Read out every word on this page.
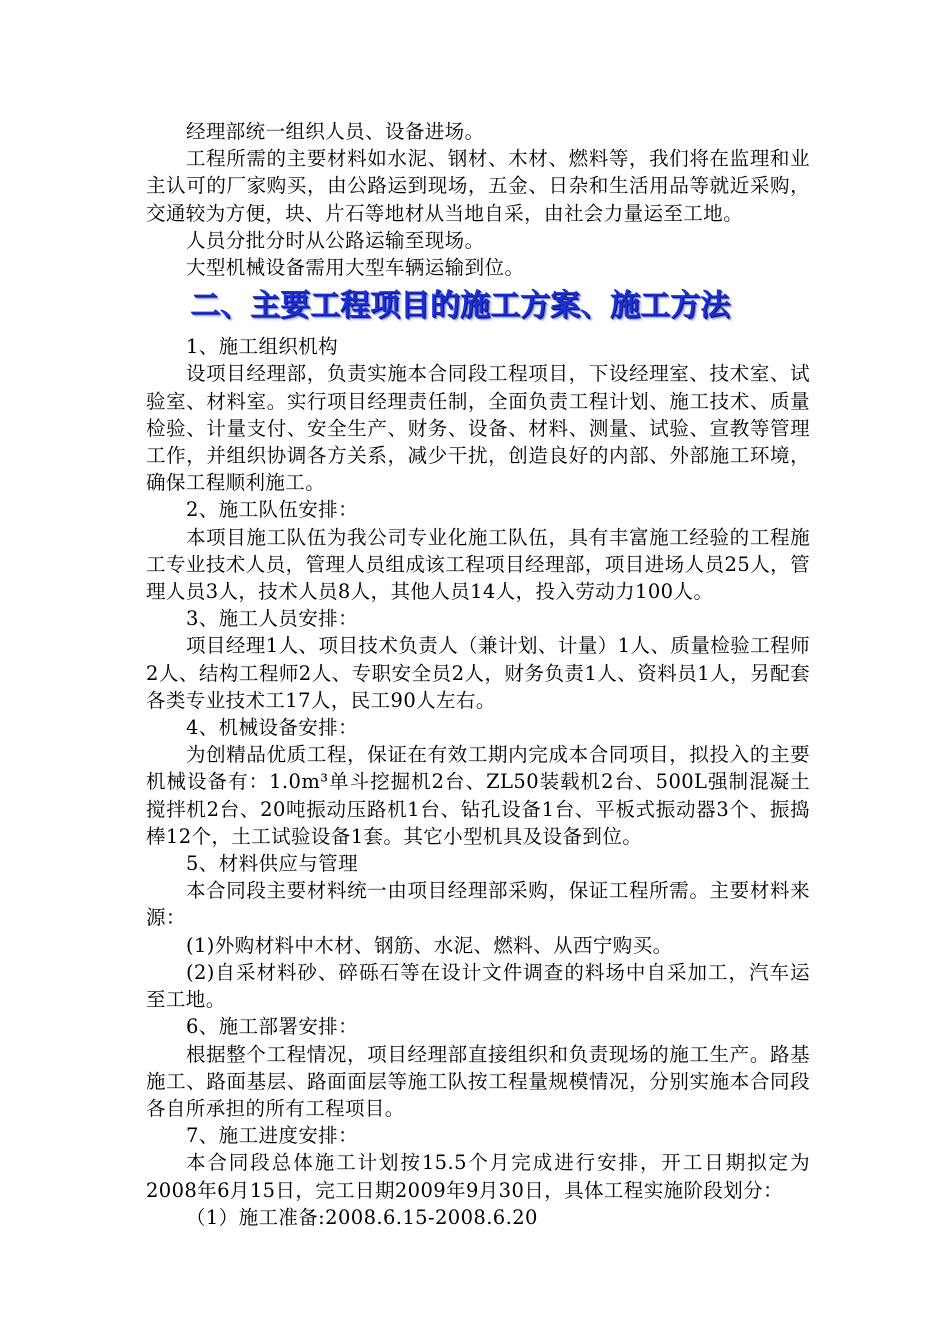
经理部统一组织人员、设备进场。

工程所需的主要材料如水泥、钢材、木材、燃料等，我们将在监理和业主认可的厂家购买，由公路运到现场，五金、日杂和生活用品等就近采购，交通较为方便，块、片石等地材从当地自采，由社会力量运至工地。

人员分批分时从公路运输至现场。

大型机械设备需用大型车辆运输到位。

二、主要工程项目的施工方案、施工方法

1、施工组织机构

设项目经理部，负责实施本合同段工程项目，下设经理室、技术室、试验室、材料室。实行项目经理责任制，全面负责工程计划、施工技术、质量检验、计量支付、安全生产、财务、设备、材料、测量、试验、宣教等管理工作，并组织协调各方关系，减少干扰，创造良好的内部、外部施工环境，确保工程顺利施工。

2、施工队伍安排：

本项目施工队伍为我公司专业化施工队伍，具有丰富施工经验的工程施工专业技术人员，管理人员组成该工程项目经理部，项目进场人员25人，管理人员3人，技术人员8人，其他人员14人，投入劳动力100人。

3、施工人员安排：

项目经理1人、项目技术负责人（兼计划、计量）1人、质量检验工程师2人、结构工程师2人、专职安全员2人，财务负责1人、资料员1人，另配套各类专业技术工17人，民工90人左右。

4、机械设备安排：

为创精品优质工程，保证在有效工期内完成本合同项目，拟投入的主要机械设备有：1.0m³单斗挖掘机2台、ZL50装载机2台、500L强制混凝土搅拌机2台、20吨振动压路机1台、钻孔设备1台、平板式振动器3个、振捣棒12个，土工试验设备1套。其它小型机具及设备到位。

5、材料供应与管理

本合同段主要材料统一由项目经理部采购，保证工程所需。主要材料来源：

(1)外购材料中木材、钢筋、水泥、燃料、从西宁购买。

(2)自采材料砂、碎砾石等在设计文件调查的料场中自采加工，汽车运至工地。

6、施工部署安排：

根据整个工程情况，项目经理部直接组织和负责现场的施工生产。路基施工、路面基层、路面面层等施工队按工程量规模情况，分别实施本合同段各自所承担的所有工程项目。

7、施工进度安排：

本合同段总体施工计划按15.5个月完成进行安排，开工日期拟定为2008年6月15日，完工日期2009年9月30日，具体工程实施阶段划分：

（1）施工准备:2008.6.15-2008.6.20
